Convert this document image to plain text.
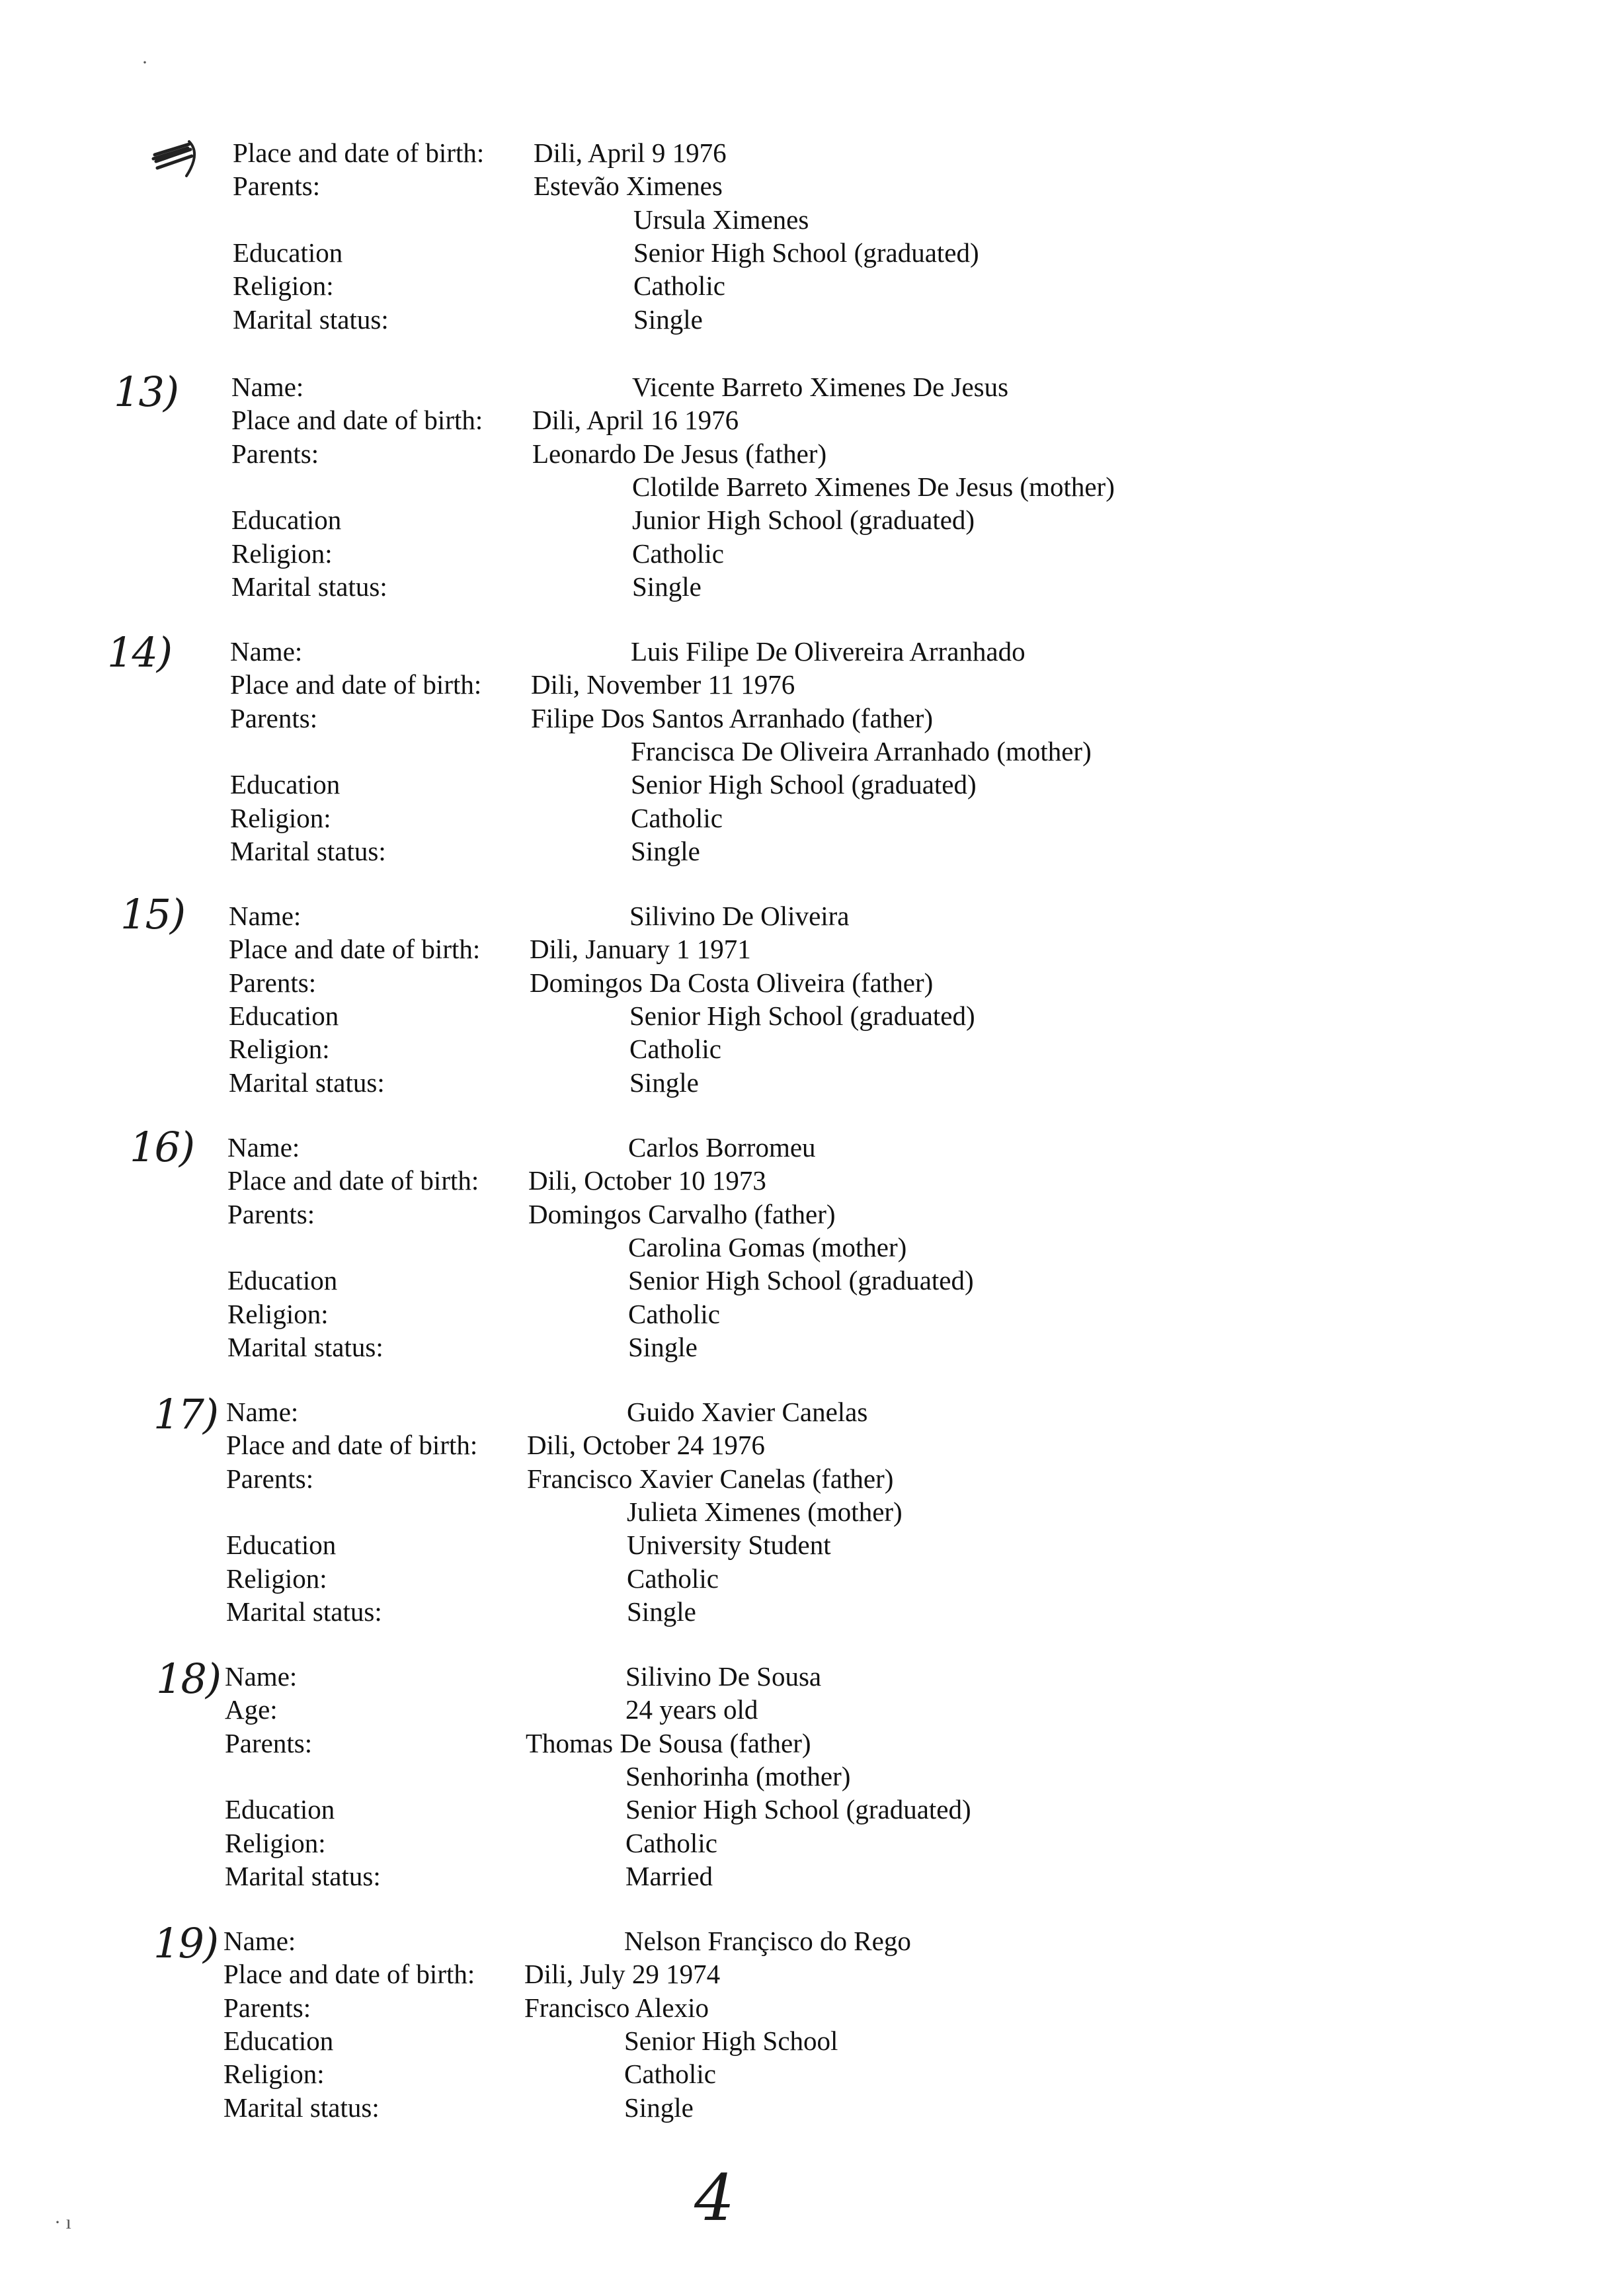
Place and date of birth: Dili, April 9 1976
Parents:	Estevão Ximenes
Ursula Ximenes
Education	Senior High School (graduated)
Religion:	Catholic
Marital status:	Single
Name:	Vicente Barreto Ximenes De Jesus
Place and date of birth: Dili, April 16 1976
Parents:	Leonardo De Jesus (father)
Clotilde Barreto Ximenes De Jesus (mother)
Education	Junior High School (graduated)
Religion:	Catholic
Marital status:	Single
13)
Name:	Luis Filipe De Olivereira Arranhado
Place and date of birth: Dili, November 11 1976
Parents:	Filipe Dos Santos Arranhado (father)
Francisca De Oliveira Arranhado (mother)
Education	Senior High School (graduated)
Religion:	Catholic
Marital status:	Single
14)
Name:	Silivino De Oliveira
Place and date of birth: Dili, January 1 1971
Parents:	Domingos Da Costa Oliveira (father)
Education	Senior High School (graduated)
Religion:	Catholic
Marital status:	Single
15)
Name:	Carlos Borromeu
Place and date of birth: Dili, October 10 1973
Parents:	Domingos Carvalho (father)
Carolina Gomas (mother)
Education	Senior High School (graduated)
Religion:	Catholic
Marital status:	Single
16)
Name:	Guido Xavier Canelas
Place and date of birth: Dili, October 24 1976
Parents:	Francisco Xavier Canelas (father)
Julieta Ximenes (mother)
Education	University Student
Religion:	Catholic
Marital status:	Single
17)
Name:	Silivino De Sousa
Age:	24 years old
Parents:	Thomas De Sousa (father)
Senhorinha (mother)
Education	Senior High School (graduated)
Religion:	Catholic
Marital status:	Married
18)
Name:	Nelson Françisco do Rego
Place and date of birth: Dili, July 29 1974
Parents:	Francisco Alexio
Education	Senior High School
Religion:	Catholic
Marital status:	Single
19)
·
· ı	4
